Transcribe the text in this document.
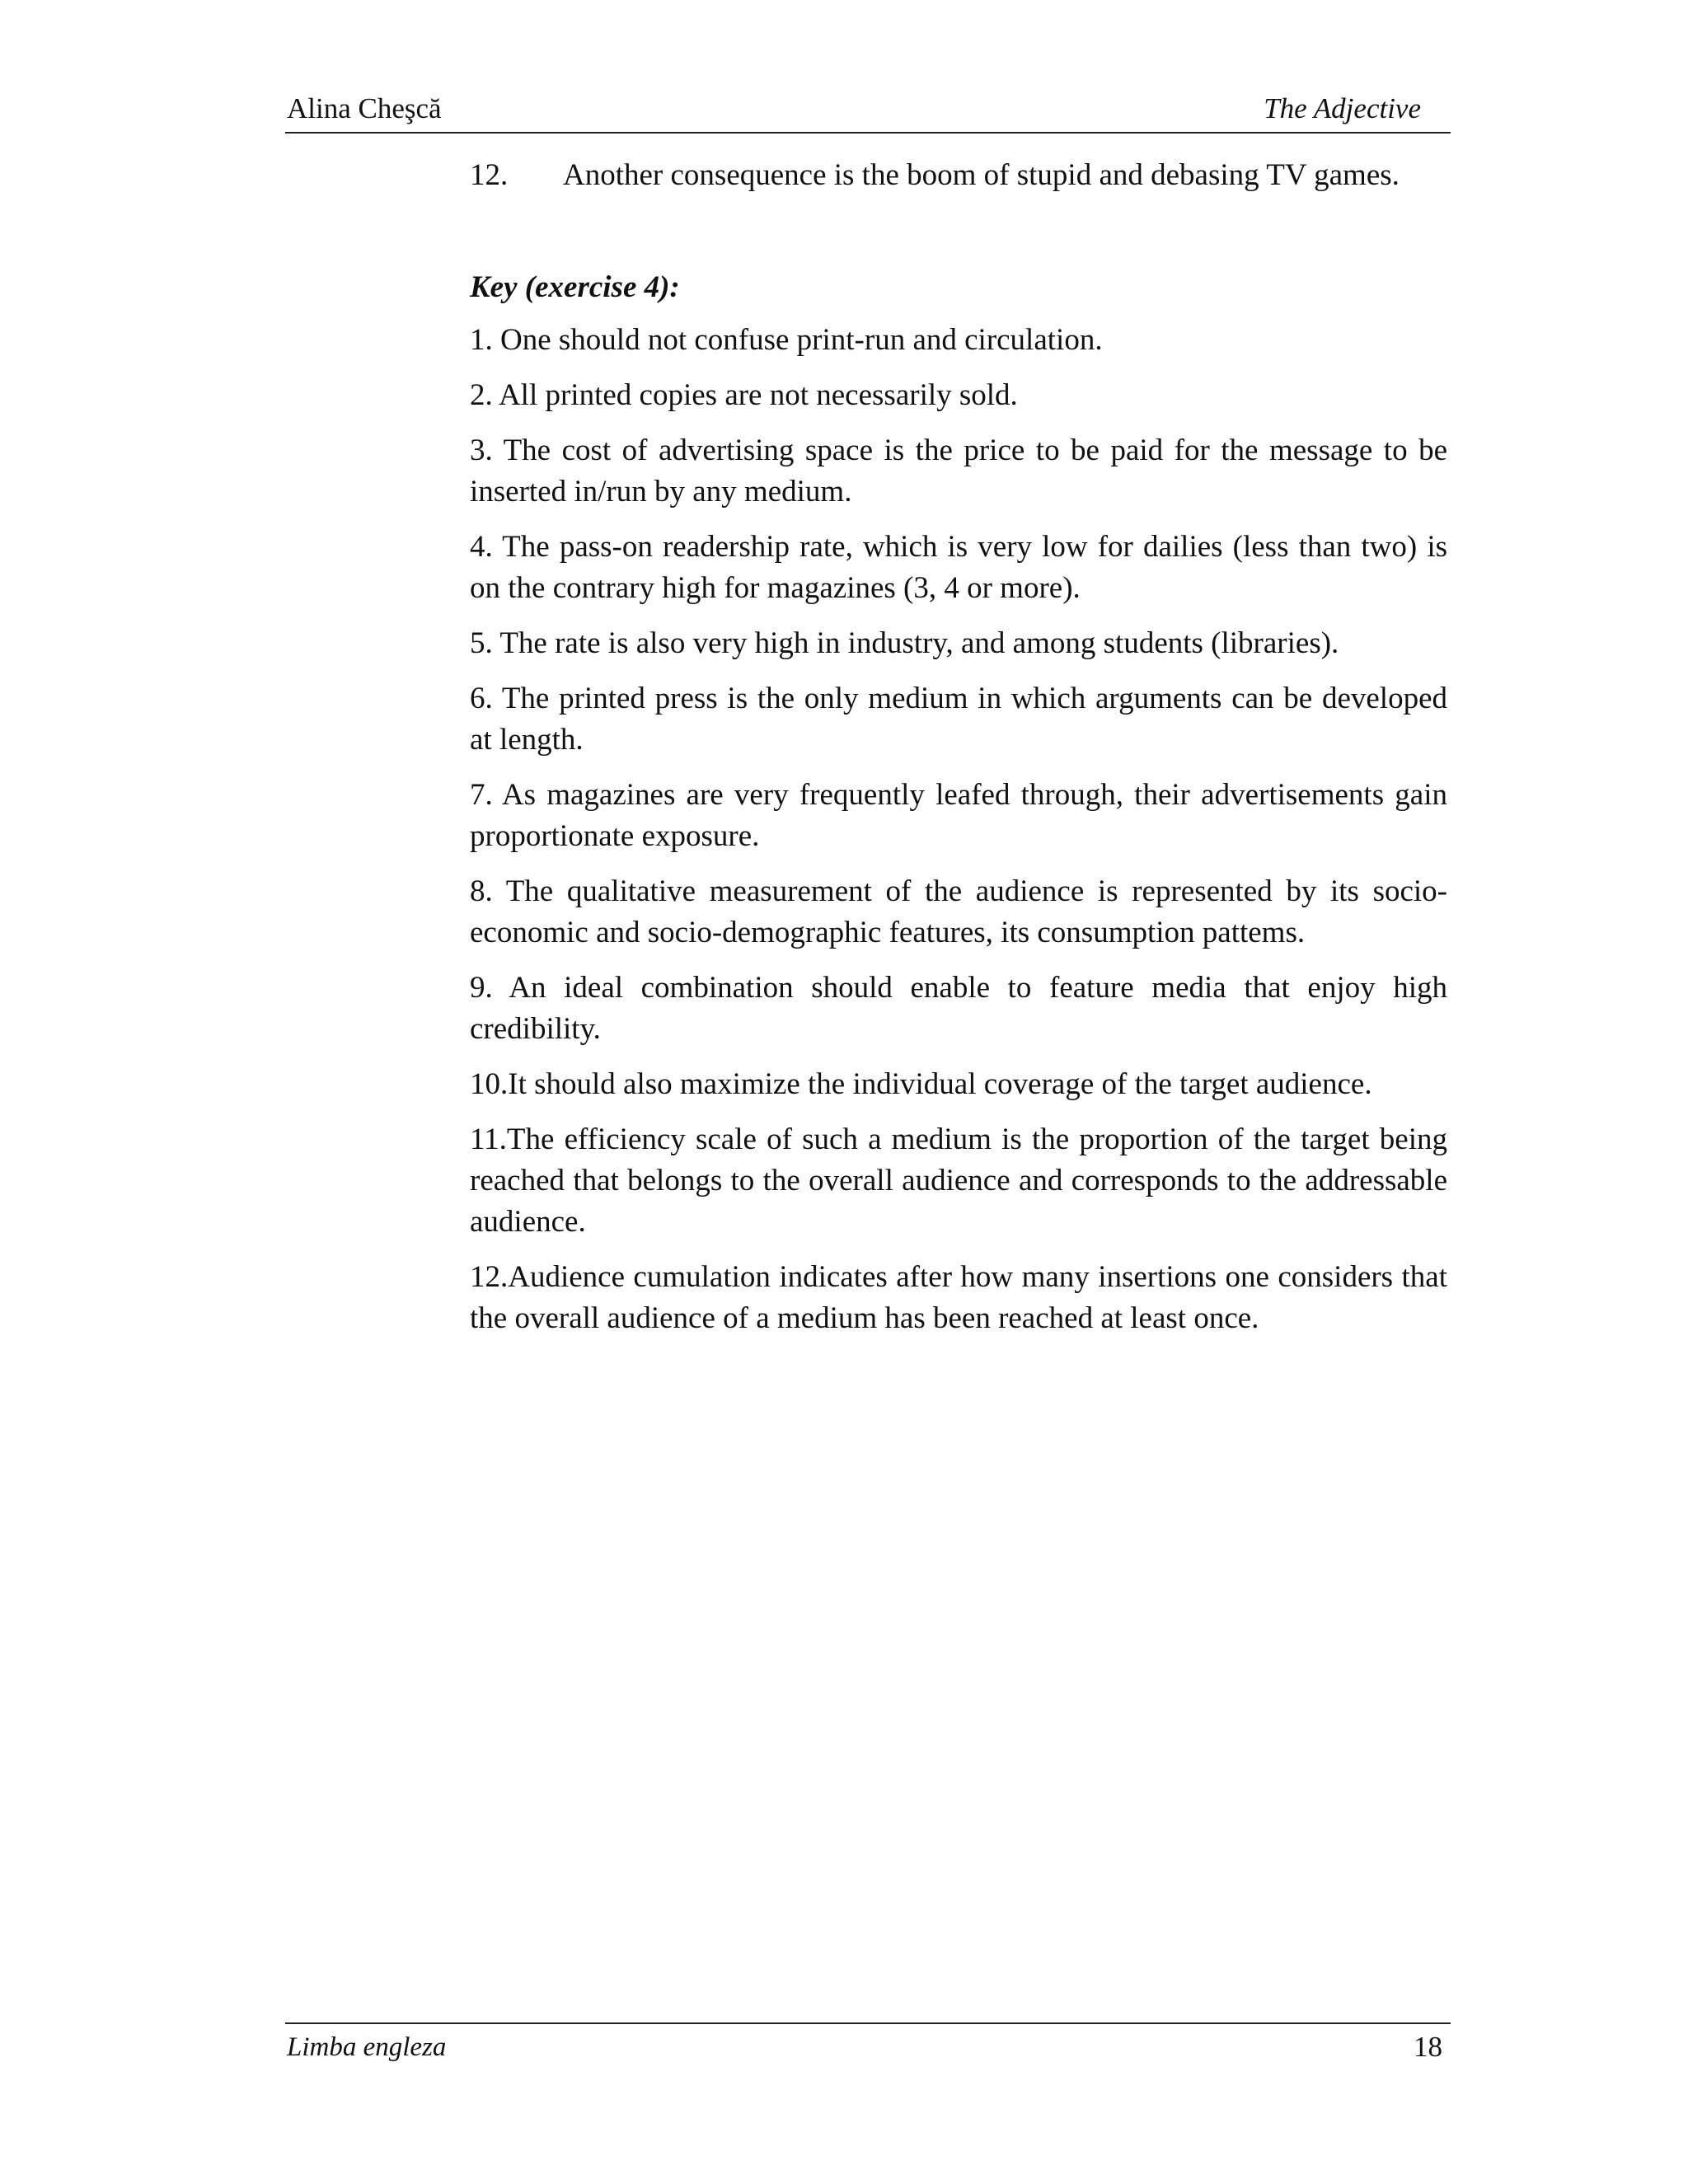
Alina Cheşcă	The Adjective

12.	Another consequence is the boom of stupid and debasing TV games.

Key (exercise 4):

1. One should not confuse print-run and circulation.

2. All printed copies are not necessarily sold.

3. The cost of advertising space is the price to be paid for the message to be inserted in/run by any medium.

4. The pass-on readership rate, which is very low for dailies (less than two) is on the contrary high for magazines (3, 4 or more).

5. The rate is also very high in industry, and among students (libraries).

6. The printed press is the only medium in which arguments can be developed at length.

7. As magazines are very frequently leafed through, their advertisements gain proportionate exposure.

8. The qualitative measurement of the audience is represented by its socio-economic and socio-demographic features, its consumption pattems.

9. An ideal combination should enable to feature media that enjoy high credibility.

10.It should also maximize the individual coverage of the target audience.

11.The efficiency scale of such a medium is the proportion of the target being reached that belongs to the overall audience and corresponds to the addressable audience.

12.Audience cumulation indicates after how many insertions one considers that the overall audience of a medium has been reached at least once.

Limba engleza	18
